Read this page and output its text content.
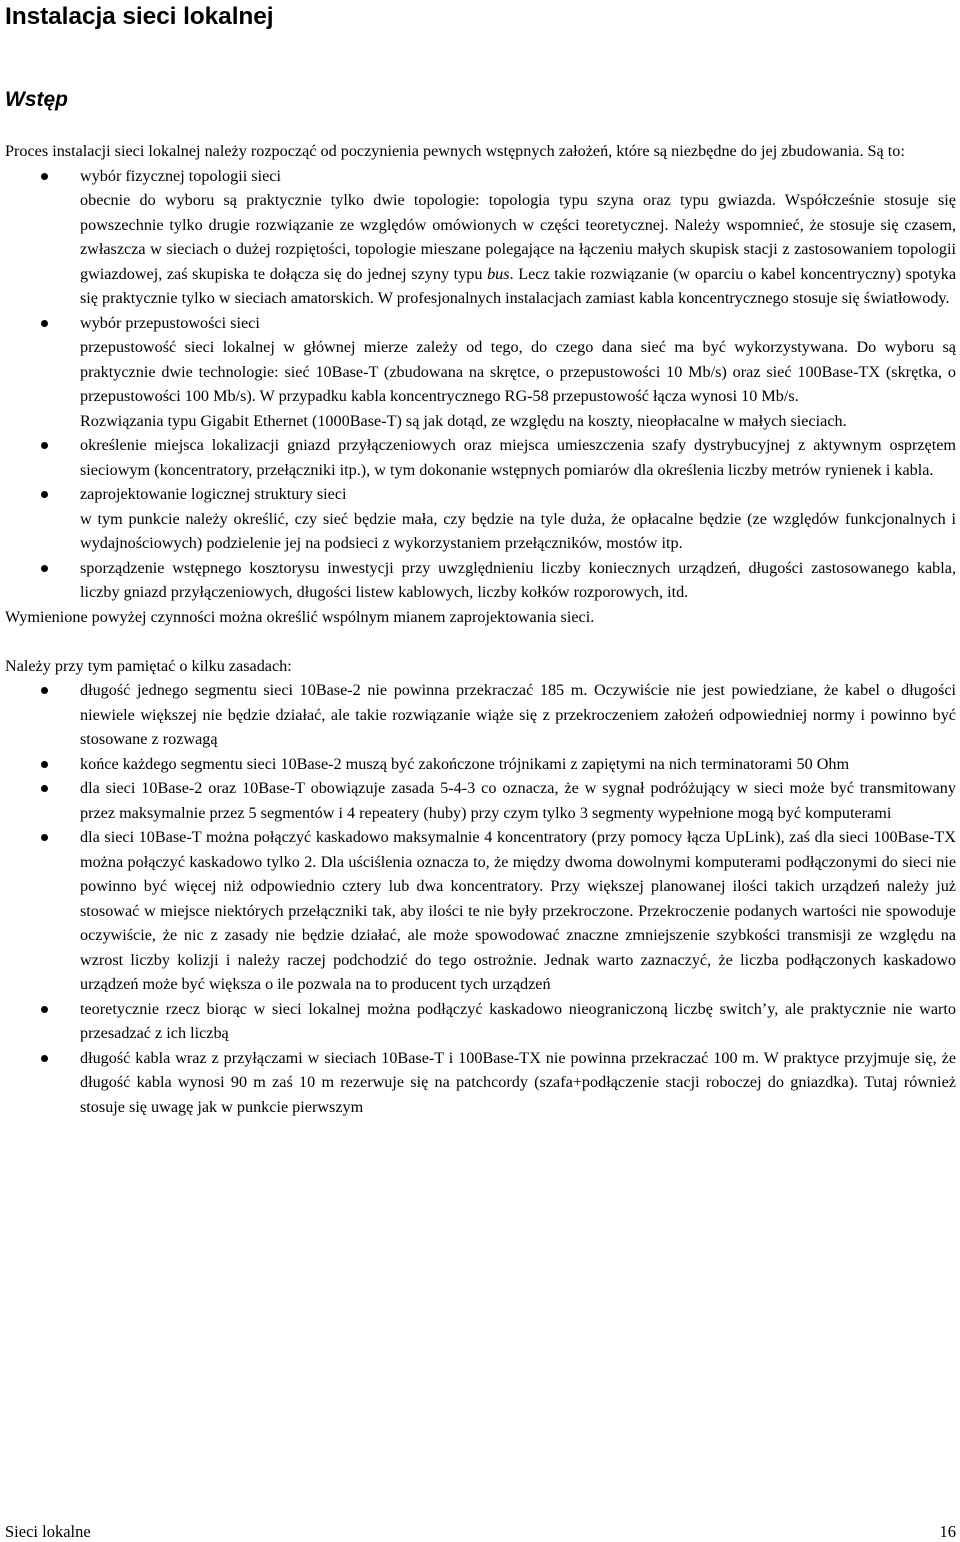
Instalacja sieci lokalnej
Wstęp

Proces instalacji sieci lokalnej należy rozpocząć od poczynienia pewnych wstępnych założeń, które są niezbędne do jej zbudowania. Są to:

wybór fizycznej topologii sieci
obecnie do wyboru są praktycznie tylko dwie topologie: topologia typu szyna oraz typu gwiazda. Współcześnie stosuje się powszechnie tylko drugie rozwiązanie ze względów omówionych w części teoretycznej. Należy wspomnieć, że stosuje się czasem, zwłaszcza w sieciach o dużej rozpiętości, topologie mieszane polegające na łączeniu małych skupisk stacji z zastosowaniem topologii gwiazdowej, zaś skupiska te dołącza się do jednej szyny typu bus. Lecz takie rozwiązanie (w oparciu o kabel koncentryczny) spotyka się praktycznie tylko w sieciach amatorskich. W profesjonalnych instalacjach zamiast kabla koncentrycznego stosuje się światłowody.
wybór przepustowości sieci
przepustowość sieci lokalnej w głównej mierze zależy od tego, do czego dana sieć ma być wykorzystywana. Do wyboru są praktycznie dwie technologie: sieć 10Base-T (zbudowana na skrętce, o przepustowości 10 Mb/s) oraz sieć 100Base-TX (skrętka, o przepustowości 100 Mb/s). W przypadku kabla koncentrycznego RG-58 przepustowość łącza wynosi 10 Mb/s.
Rozwiązania typu Gigabit Ethernet (1000Base-T) są jak dotąd, ze względu na koszty, nieopłacalne w małych sieciach.
określenie miejsca lokalizacji gniazd przyłączeniowych oraz miejsca umieszczenia szafy dystrybucyjnej z aktywnym osprzętem sieciowym (koncentratory, przełączniki itp.), w tym dokonanie wstępnych pomiarów dla określenia liczby metrów rynienek i kabla.
zaprojektowanie logicznej struktury sieci
w tym punkcie należy określić, czy sieć będzie mała, czy będzie na tyle duża, że opłacalne będzie (ze względów funkcjonalnych i wydajnościowych) podzielenie jej na podsieci z wykorzystaniem przełączników, mostów itp.
sporządzenie wstępnego kosztorysu inwestycji przy uwzględnieniu liczby koniecznych urządzeń, długości zastosowanego kabla, liczby gniazd przyłączeniowych, długości listew kablowych, liczby kołków rozporowych, itd.

Wymienione powyżej czynności można określić wspólnym mianem zaprojektowania sieci.

Należy przy tym pamiętać o kilku zasadach:

długość jednego segmentu sieci 10Base-2 nie powinna przekraczać 185 m. Oczywiście nie jest powiedziane, że kabel o długości niewiele większej nie będzie działać, ale takie rozwiązanie wiąże się z przekroczeniem założeń odpowiedniej normy i powinno być stosowane z rozwagą
końce każdego segmentu sieci 10Base-2 muszą być zakończone trójnikami z zapiętymi na nich terminatorami 50 Ohm
dla sieci 10Base-2 oraz 10Base-T obowiązuje zasada 5-4-3 co oznacza, że w sygnał podróżujący w sieci może być transmitowany przez maksymalnie przez 5 segmentów i 4 repeatery (huby) przy czym tylko 3 segmenty wypełnione mogą być komputerami
dla sieci 10Base-T można połączyć kaskadowo maksymalnie 4 koncentratory (przy pomocy łącza UpLink), zaś dla sieci 100Base-TX można połączyć kaskadowo tylko 2. Dla uściślenia oznacza to, że między dwoma dowolnymi komputerami podłączonymi do sieci nie powinno być więcej niż odpowiednio cztery lub dwa koncentratory. Przy większej planowanej ilości takich urządzeń należy już stosować w miejsce niektórych przełączniki tak, aby ilości te nie były przekroczone. Przekroczenie podanych wartości nie spowoduje oczywiście, że nic z zasady nie będzie działać, ale może spowodować znaczne zmniejszenie szybkości transmisji ze względu na wzrost liczby kolizji i należy raczej podchodzić do tego ostrożnie. Jednak warto zaznaczyć, że liczba podłączonych kaskadowo urządzeń może być większa o ile pozwala na to producent tych urządzeń
teoretycznie rzecz biorąc w sieci lokalnej można podłączyć kaskadowo nieograniczoną liczbę switch’y, ale praktycznie nie warto przesadzać z ich liczbą
długość kabla wraz z przyłączami w sieciach 10Base-T i 100Base-TX nie powinna przekraczać 100 m. W praktyce przyjmuje się, że długość kabla wynosi 90 m zaś 10 m rezerwuje się na patchcordy (szafa+podłączenie stacji roboczej do gniazdka). Tutaj również stosuje się uwagę jak w punkcie pierwszym
Sieci lokalne	16
